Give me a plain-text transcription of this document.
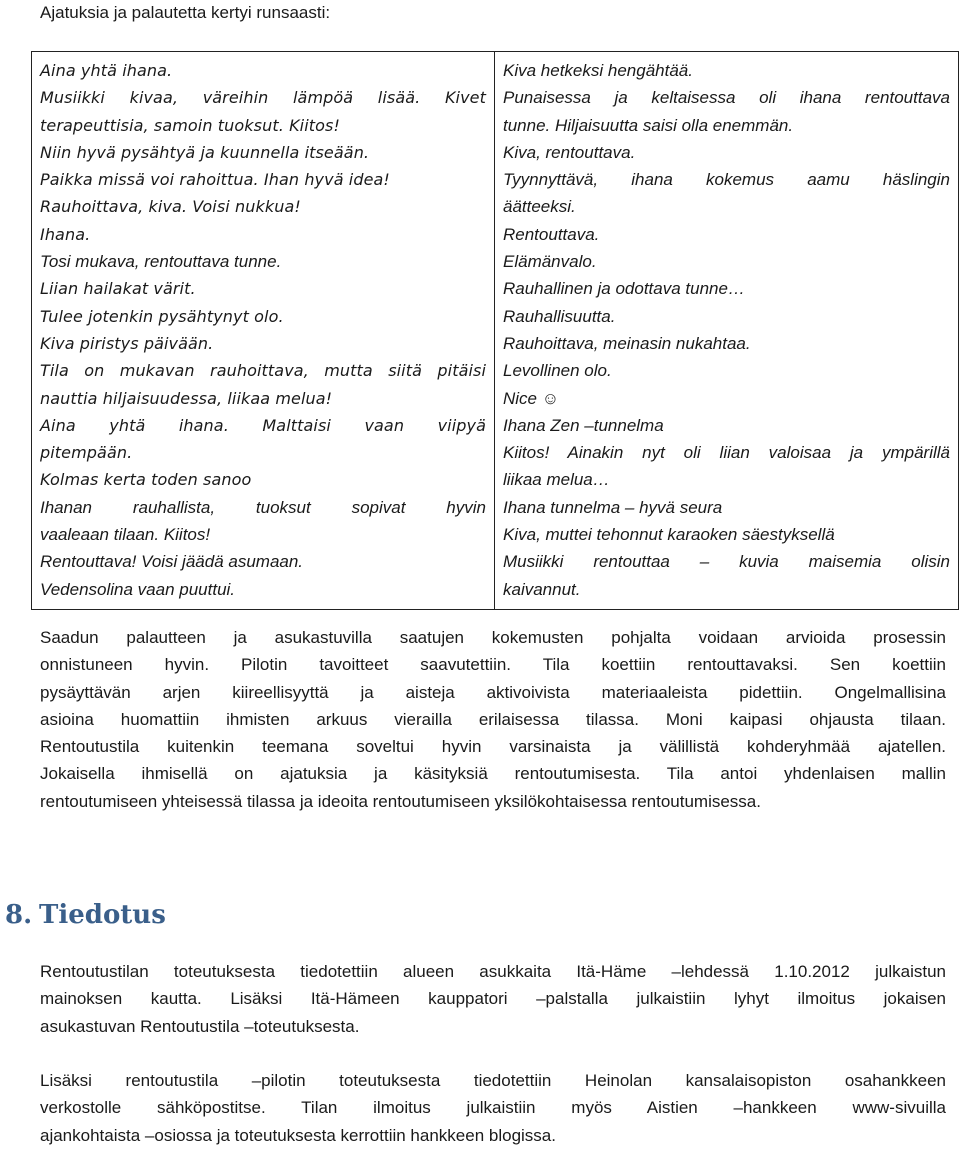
Ajatuksia ja palautetta kertyi runsaasti:
Aina yhtä ihana.
Musiikki kivaa, väreihin lämpöä lisää. Kivet
terapeuttisia, samoin tuoksut. Kiitos!
Niin hyvä pysähtyä ja kuunnella itseään.
Paikka missä voi rahoittua. Ihan hyvä idea!
Rauhoittava, kiva. Voisi nukkua!
Ihana.
Tosi mukava, rentouttava tunne.
Liian hailakat värit.
Tulee jotenkin pysähtynyt olo.
Kiva piristys päivään.
Tila on mukavan rauhoittava, mutta siitä pitäisi
nauttia hiljaisuudessa, liikaa melua!
Aina yhtä ihana. Malttaisi vaan viipyä
pitempään.
Kolmas kerta toden sanoo
Ihanan rauhallista, tuoksut sopivat hyvin
vaaleaan tilaan. Kiitos!
Rentouttava! Voisi jäädä asumaan.
Vedensolina vaan puuttui.

Kiva hetkeksi hengähtää.
Punaisessa ja keltaisessa oli ihana rentouttava
tunne. Hiljaisuutta saisi olla enemmän.
Kiva, rentouttava.
Tyynnyttävä, ihana kokemus aamu häslingin
äätteeksi.
Rentouttava.
Elämänvalo.
Rauhallinen ja odottava tunne…
Rauhallisuutta.
Rauhoittava, meinasin nukahtaa.
Levollinen olo.
Nice ☺
Ihana Zen –tunnelma
Kiitos! Ainakin nyt oli liian valoisaa ja ympärillä
liikaa melua…
Ihana tunnelma – hyvä seura
Kiva, muttei tehonnut karaoken säestyksellä
Musiikki rentouttaa – kuvia maisemia olisin
kaivannut.
Saadun palautteen ja asukastuvilla saatujen kokemusten pohjalta voidaan arvioida prosessin
onnistuneen hyvin. Pilotin tavoitteet saavutettiin. Tila koettiin rentouttavaksi. Sen koettiin
pysäyttävän arjen kiireellisyyttä ja aisteja aktivoivista materiaaleista pidettiin. Ongelmallisina
asioina huomattiin ihmisten arkuus vierailla erilaisessa tilassa. Moni kaipasi ohjausta tilaan.
Rentoutustila kuitenkin teemana soveltui hyvin varsinaista ja välillistä kohderyhmää ajatellen.
Jokaisella ihmisellä on ajatuksia ja käsityksiä rentoutumisesta. Tila antoi yhdenlaisen mallin
rentoutumiseen yhteisessä tilassa ja ideoita rentoutumiseen yksilökohtaisessa rentoutumisessa.
8. Tiedotus
Rentoutustilan toteutuksesta tiedotettiin alueen asukkaita Itä-Häme –lehdessä 1.10.2012 julkaistun
mainoksen kautta. Lisäksi Itä-Hämeen kauppatori –palstalla julkaistiin lyhyt ilmoitus jokaisen
asukastuvan Rentoutustila –toteutuksesta.
Lisäksi rentoutustila –pilotin toteutuksesta tiedotettiin Heinolan kansalaisopiston osahankkeen
verkostolle sähköpostitse. Tilan ilmoitus julkaistiin myös Aistien –hankkeen www-sivuilla
ajankohtaista –osiossa ja toteutuksesta kerrottiin hankkeen blogissa.
